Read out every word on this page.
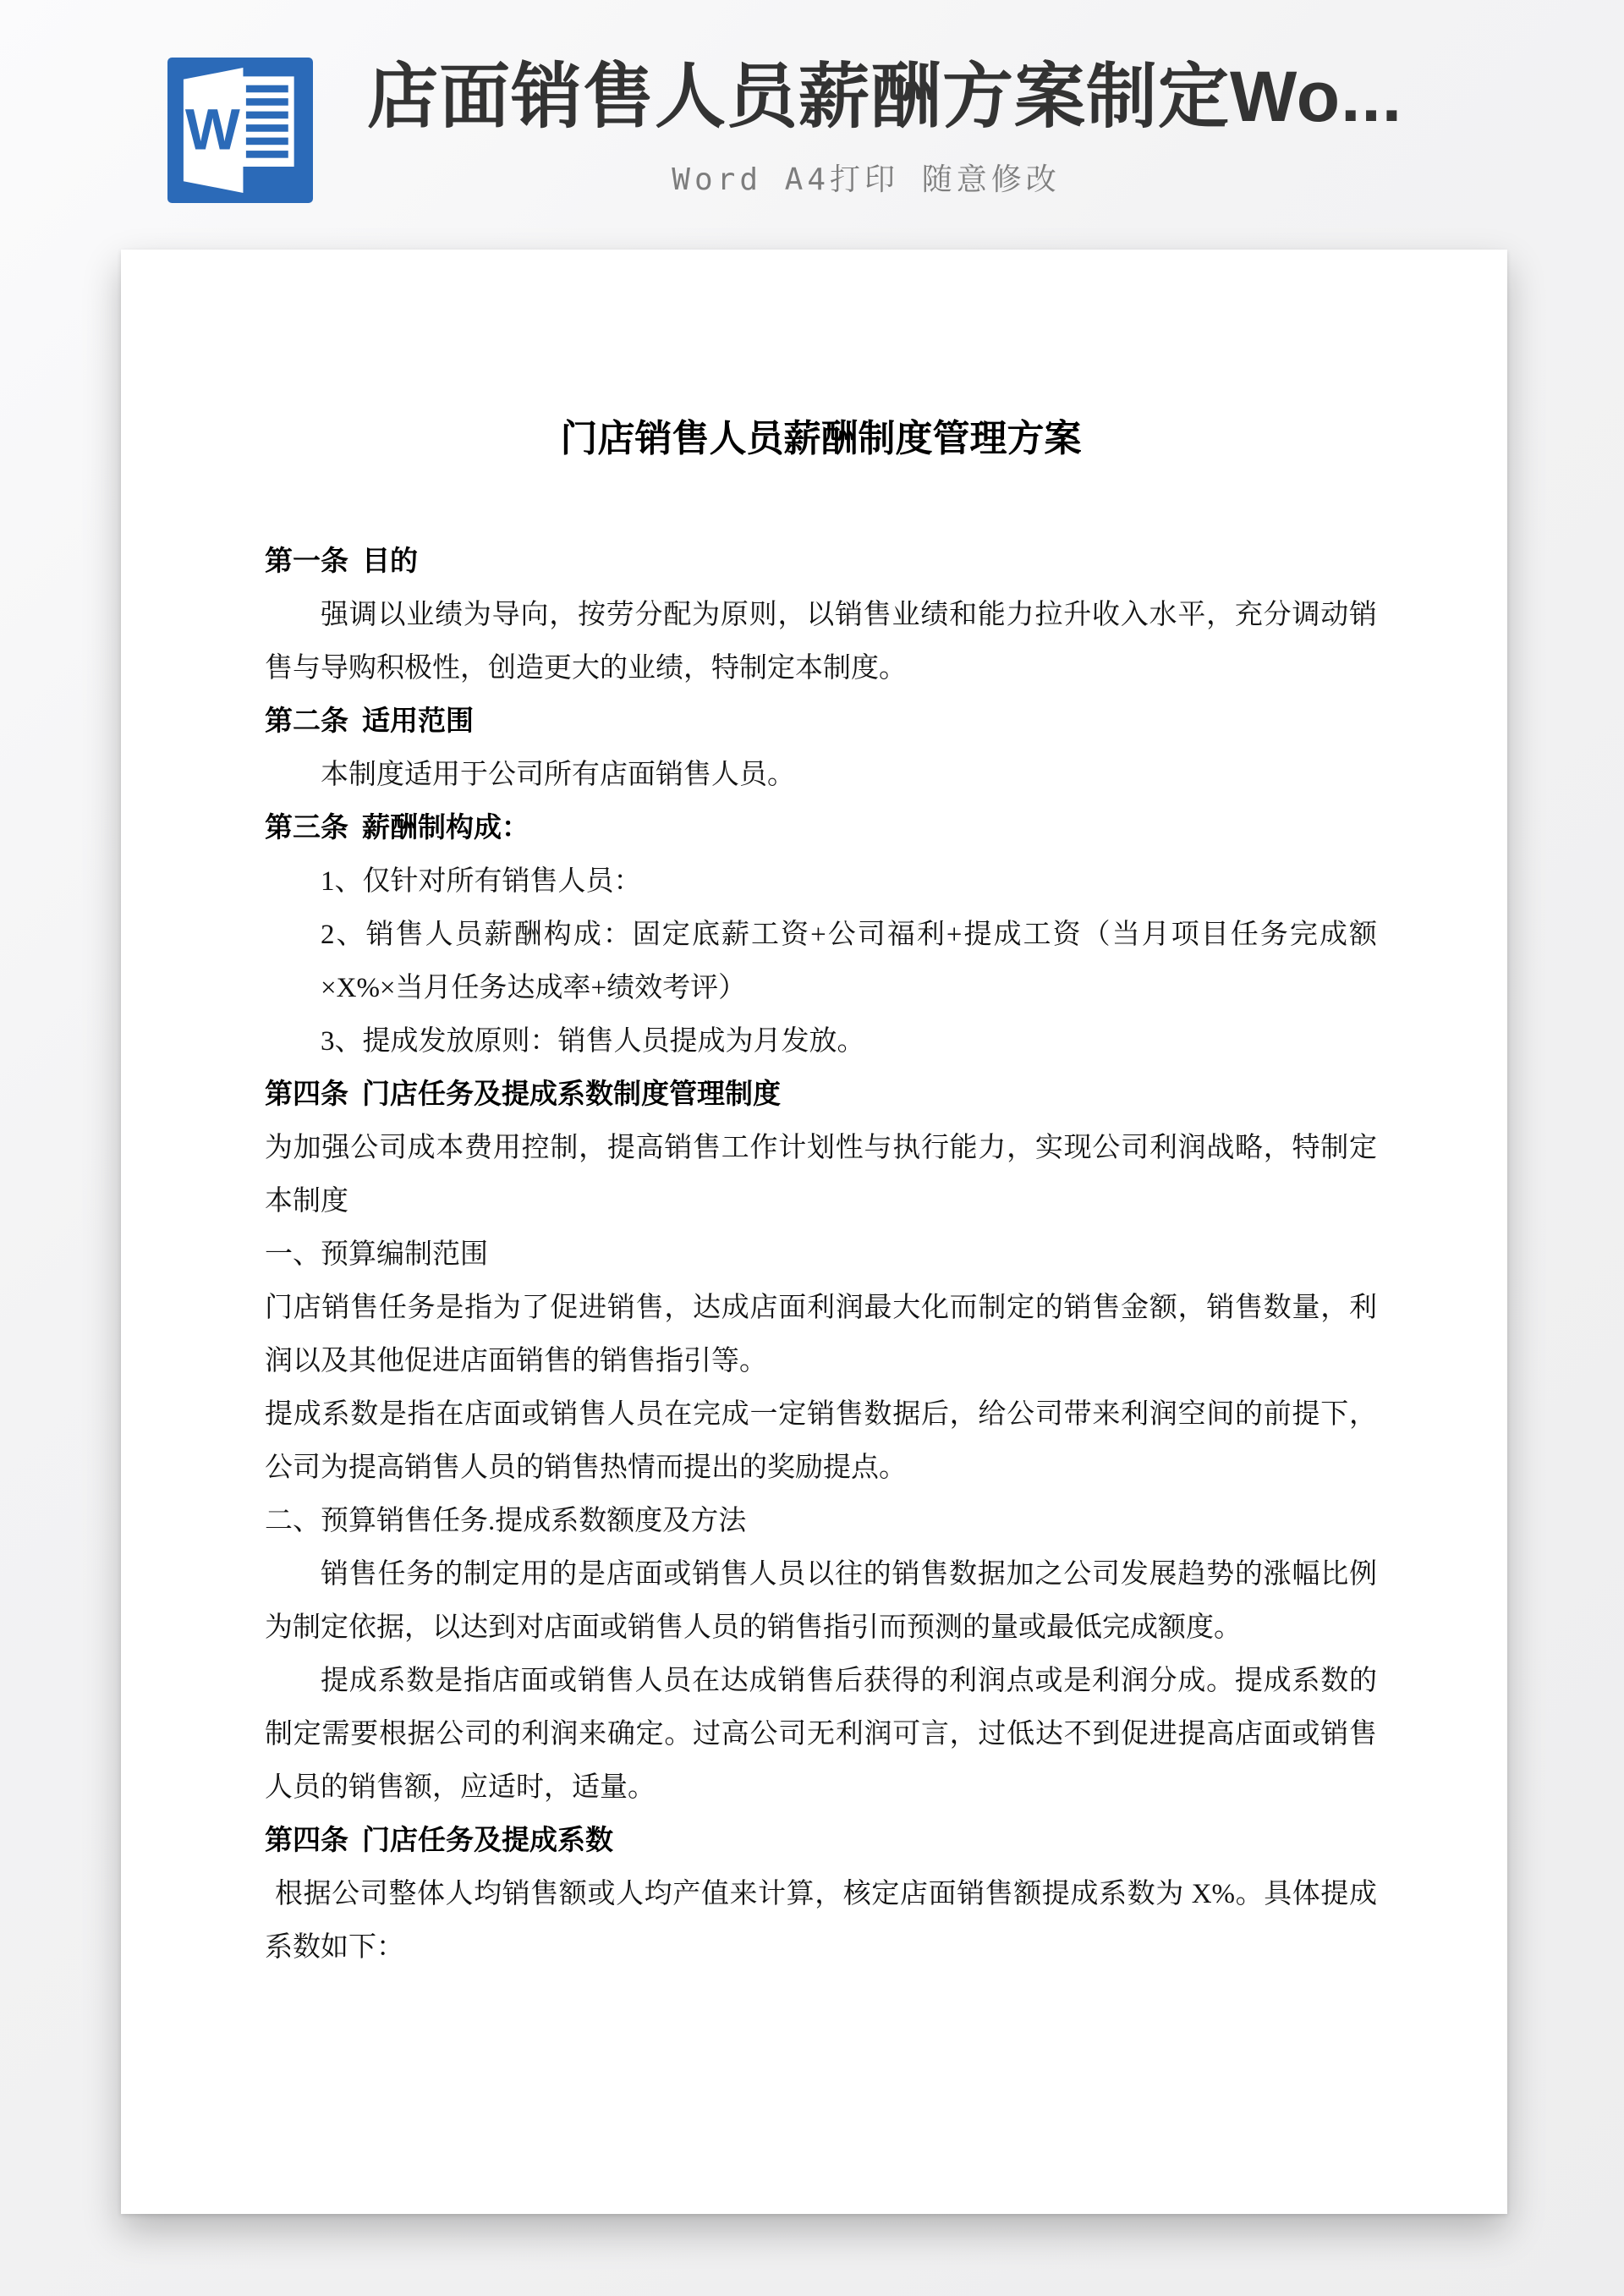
W 店面销售人员薪酬方案制定Wo...
Word A4打印 随意修改
门店销售人员薪酬制度管理方案
第一条 目的
强调以业绩为导向，按劳分配为原则，以销售业绩和能力拉升收入水平，充分调动销售与导购积极性，创造更大的业绩，特制定本制度。
第二条 适用范围
本制度适用于公司所有店面销售人员。
第三条 薪酬制构成：
1、仅针对所有销售人员：
2、销售人员薪酬构成：固定底薪工资+公司福利+提成工资（当月项目任务完成额×X%×当月任务达成率+绩效考评）
3、提成发放原则：销售人员提成为月发放。
第四条 门店任务及提成系数制度管理制度
为加强公司成本费用控制，提高销售工作计划性与执行能力，实现公司利润战略，特制定本制度
一、预算编制范围
门店销售任务是指为了促进销售，达成店面利润最大化而制定的销售金额，销售数量，利润以及其他促进店面销售的销售指引等。
提成系数是指在店面或销售人员在完成一定销售数据后，给公司带来利润空间的前提下，公司为提高销售人员的销售热情而提出的奖励提点。
二、预算销售任务.提成系数额度及方法
销售任务的制定用的是店面或销售人员以往的销售数据加之公司发展趋势的涨幅比例为制定依据，以达到对店面或销售人员的销售指引而预测的量或最低完成额度。
提成系数是指店面或销售人员在达成销售后获得的利润点或是利润分成。提成系数的制定需要根据公司的利润来确定。过高公司无利润可言，过低达不到促进提高店面或销售人员的销售额，应适时，适量。
第四条 门店任务及提成系数
根据公司整体人均销售额或人均产值来计算，核定店面销售额提成系数为 X%。具体提成系数如下：
